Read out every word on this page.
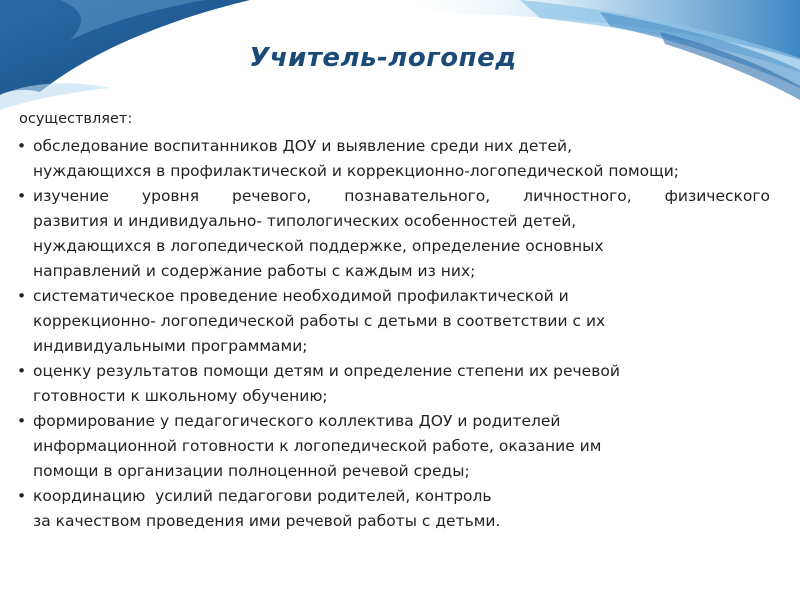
Учитель-логопед

осуществляет:

• обследование воспитанников ДОУ и выявление среди них детей,
нуждающихся в профилактической и коррекционно-логопедической помощи;
• изучение уровня речевого, познавательного, личностного, физического
развития и индивидуально- типологических особенностей детей,
нуждающихся в логопедической поддержке, определение основных
направлений и содержание работы с каждым из них;
• систематическое проведение необходимой профилактической и
коррекционно- логопедической работы с детьми в соответствии с их
индивидуальными программами;
• оценку результатов помощи детям и определение степени их речевой
готовности к школьному обучению;
• формирование у педагогического коллектива ДОУ и родителей
информационной готовности к логопедической работе, оказание им
помощи в организации полноценной речевой среды;
• координацию  усилий педагогови родителей, контроль
за качеством проведения ими речевой работы с детьми.
